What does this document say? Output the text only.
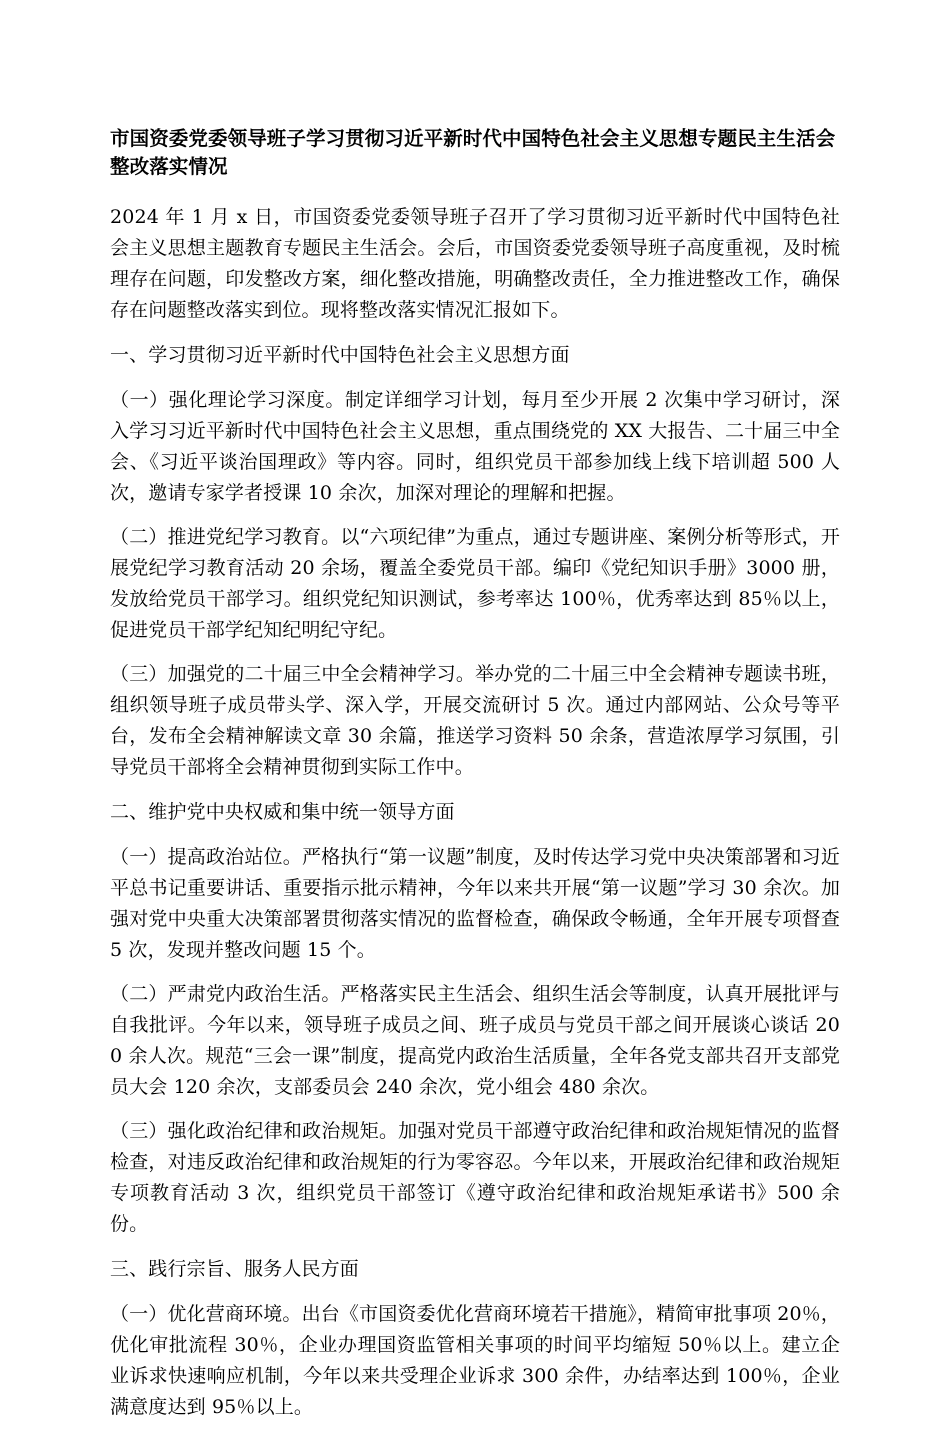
市国资委党委领导班子学习贯彻习近平新时代中国特色社会主义思想专题民主生活会整改落实情况

2024 年 1 月 x 日，市国资委党委领导班子召开了学习贯彻习近平新时代中国特色社会主义思想主题教育专题民主生活会。会后，市国资委党委领导班子高度重视，及时梳理存在问题，印发整改方案，细化整改措施，明确整改责任，全力推进整改工作，确保存在问题整改落实到位。现将整改落实情况汇报如下。

一、学习贯彻习近平新时代中国特色社会主义思想方面

（一）强化理论学习深度。制定详细学习计划，每月至少开展 2 次集中学习研讨，深入学习习近平新时代中国特色社会主义思想，重点围绕党的 XX 大报告、二十届三中全会、《习近平谈治国理政》等内容。同时，组织党员干部参加线上线下培训超 500 人次，邀请专家学者授课 10 余次，加深对理论的理解和把握。

（二）推进党纪学习教育。以“六项纪律”为重点，通过专题讲座、案例分析等形式，开展党纪学习教育活动 20 余场，覆盖全委党员干部。编印《党纪知识手册》3000 册，发放给党员干部学习。组织党纪知识测试，参考率达 100％，优秀率达到 85％以上，促进党员干部学纪知纪明纪守纪。

（三）加强党的二十届三中全会精神学习。举办党的二十届三中全会精神专题读书班，组织领导班子成员带头学、深入学，开展交流研讨 5 次。通过内部网站、公众号等平台，发布全会精神解读文章 30 余篇，推送学习资料 50 余条，营造浓厚学习氛围，引导党员干部将全会精神贯彻到实际工作中。

二、维护党中央权威和集中统一领导方面

（一）提高政治站位。严格执行“第一议题”制度，及时传达学习党中央决策部署和习近平总书记重要讲话、重要指示批示精神，今年以来共开展“第一议题”学习 30 余次。加强对党中央重大决策部署贯彻落实情况的监督检查，确保政令畅通，全年开展专项督查 5 次，发现并整改问题 15 个。

（二）严肃党内政治生活。严格落实民主生活会、组织生活会等制度，认真开展批评与自我批评。今年以来，领导班子成员之间、班子成员与党员干部之间开展谈心谈话 200 余人次。规范“三会一课”制度，提高党内政治生活质量，全年各党支部共召开支部党员大会 120 余次，支部委员会 240 余次，党小组会 480 余次。

（三）强化政治纪律和政治规矩。加强对党员干部遵守政治纪律和政治规矩情况的监督检查，对违反政治纪律和政治规矩的行为零容忍。今年以来，开展政治纪律和政治规矩专项教育活动 3 次，组织党员干部签订《遵守政治纪律和政治规矩承诺书》500 余份。

三、践行宗旨、服务人民方面

（一）优化营商环境。出台《市国资委优化营商环境若干措施》，精简审批事项 20％，优化审批流程 30％，企业办理国资监管相关事项的时间平均缩短 50％以上。建立企业诉求快速响应机制，今年以来共受理企业诉求 300 余件，办结率达到 100％，企业满意度达到 95％以上。
